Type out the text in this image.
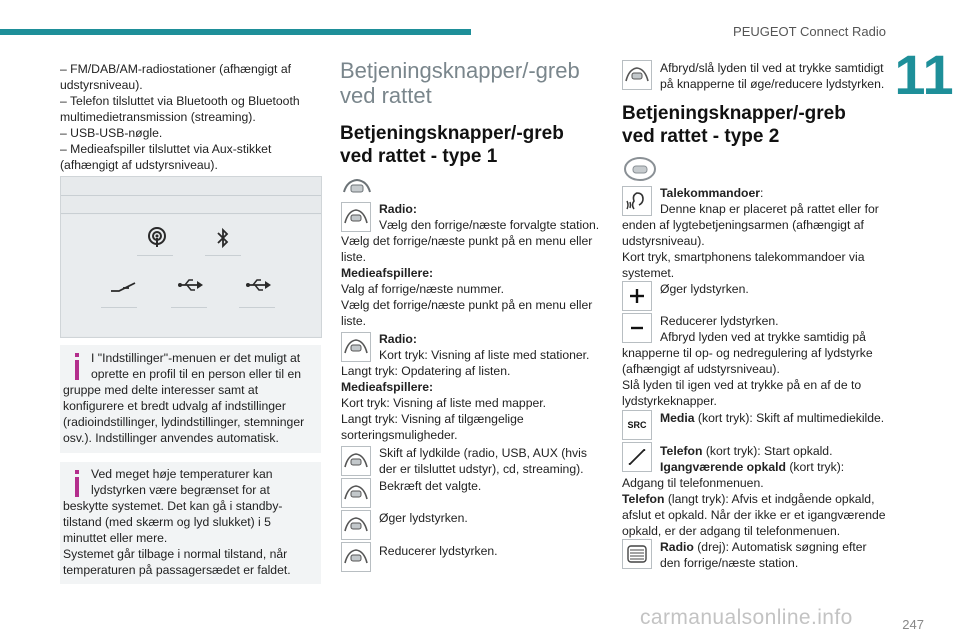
PEUGEOT Connect Radio
11
– FM/DAB/AM-radiostationer (afhængigt af
udstyrsniveau).
– Telefon tilsluttet via Bluetooth og Bluetooth
multimedietransmission (streaming).
– USB-USB-nøgle.
– Medieafspiller tilsluttet via Aux-stikket
(afhængigt af udstyrsniveau).
I "Indstillinger"-menuen er det muligt at
oprette en profil til en person eller til en
gruppe med delte interesser samt at
konfigurere et bredt udvalg af indstillinger
(radioindstillinger, lydindstillinger, stemninger
osv.). Indstillinger anvendes automatisk.
Ved meget høje temperaturer kan
lydstyrken være begrænset for at
beskytte systemet. Det kan gå i standby-
tilstand (med skærm og lyd slukket) i 5
minuttet eller mere.
Systemet går tilbage i normal tilstand, når
temperaturen på passagersædet er faldet.
Betjeningsknapper/-greb
ved rattet
Betjeningsknapper/-greb
ved rattet - type 1
Radio:
Vælg den forrige/næste forvalgte station.
Vælg det forrige/næste punkt på en menu eller
liste.
Medieafspillere:
Valg af forrige/næste nummer.
Vælg det forrige/næste punkt på en menu eller
liste.
Radio:
Kort tryk: Visning af liste med stationer.
Langt tryk: Opdatering af listen.
Medieafspillere:
Kort tryk: Visning af liste med mapper.
Langt tryk: Visning af tilgængelige
sorteringsmuligheder.
Skift af lydkilde (radio, USB, AUX (hvis
der er tilsluttet udstyr), cd, streaming).
Bekræft det valgte.
Øger lydstyrken.
Reducerer lydstyrken.
Afbryd/slå lyden til ved at trykke samtidigt
på knapperne til øge/reducere lydstyrken.
Betjeningsknapper/-greb
ved rattet - type 2
Talekommandoer:
Denne knap er placeret på rattet eller for
enden af lygtebetjeningsarmen (afhængigt af
udstyrsniveau).
Kort tryk, smartphonens talekommandoer via
systemet.
Øger lydstyrken.
Reducerer lydstyrken.
Afbryd lyden ved at trykke samtidig på
knapperne til op- og nedregulering af lydstyrke
(afhængigt af udstyrsniveau).
Slå lyden til igen ved at trykke på en af de to
lydstyrkeknapper.
SRC	Media (kort tryk): Skift af multimediekilde.
Telefon (kort tryk): Start opkald.
Igangværende opkald (kort tryk):
Adgang til telefonmenuen.
Telefon (langt tryk): Afvis et indgående opkald,
afslut et opkald. Når der ikke er et igangværende
opkald, er der adgang til telefonmenuen.
Radio (drej): Automatisk søgning efter
den forrige/næste station.
carmanualsonline.info	247
